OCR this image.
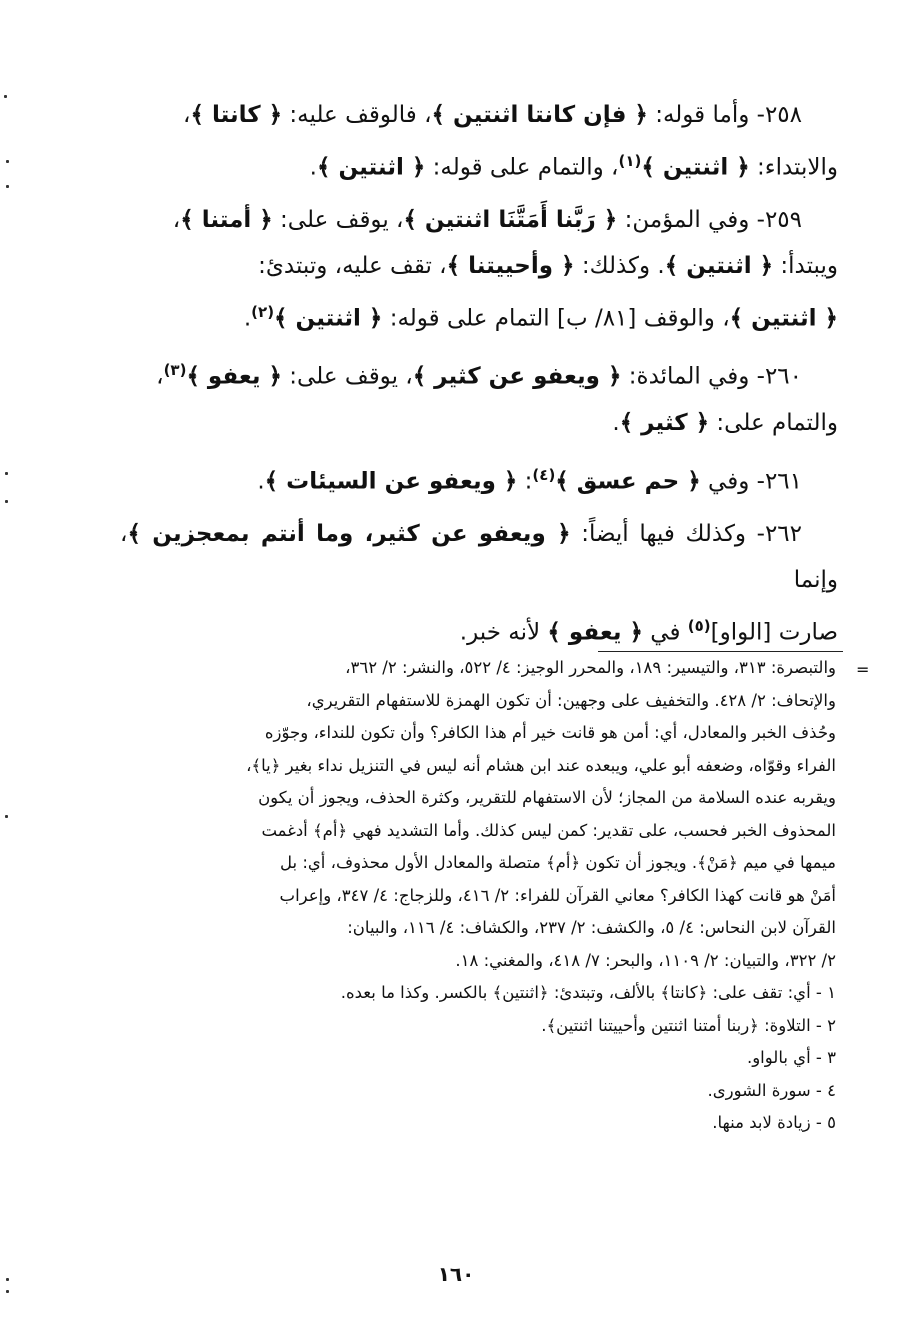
٢٥٨- وأما قوله: ﴿ فإن كانتا اثنتين ﴾، فالوقف عليه: ﴿ كانتا ﴾،
والابتداء: ﴿ اثنتين ﴾$^{(١)}$، والتمام على قوله: ﴿ اثنتين ﴾.
٢٥٩- وفي المؤمن: ﴿ رَبَّنا أَمَتَّنَا اثنتين ﴾، يوقف على: ﴿ أمتنا ﴾،
ويبتدأ: ﴿ اثنتين ﴾. وكذلك: ﴿ وأحييتنا ﴾، تقف عليه، وتبتدئ:
﴿ اثنتين ﴾، والوقف [٨١/ ب] التمام على قوله: ﴿ اثنتين ﴾$^{(٢)}$.
٢٦٠- وفي المائدة: ﴿ ويعفو عن كثير ﴾، يوقف على: ﴿ يعفو ﴾$^{(٣)}$،
والتمام على: ﴿ كثير ﴾.
٢٦١- وفي ﴿ حم عسق ﴾$^{(٤)}$: ﴿ ويعفو عن السيئات ﴾.
٢٦٢- وكذلك فيها أيضاً: ﴿ ويعفو عن كثير، وما أنتم بمعجزين ﴾، وإنما
صارت [الواو]$^{(٥)}$ في ﴿ يعفو ﴾ لأنه خبر.
=

والتبصرة: ٣١٣، والتيسير: ١٨٩، والمحرر الوجيز: ٤/ ٥٢٢، والنشر: ٢/ ٣٦٢،

والإتحاف: ٢/ ٤٢٨. والتخفيف على وجهين: أن تكون الهمزة للاستفهام التقريري،

وحُذف الخبر والمعادل، أي: أمن هو قانت خير أم هذا الكافر؟ وأن تكون للنداء، وجوّزه

الفراء وقوّاه، وضعفه أبو علي، ويبعده عند ابن هشام أنه ليس في التنزيل نداء بغير ﴿يا﴾،

ويقربه عنده السلامة من المجاز؛ لأن الاستفهام للتقرير، وكثرة الحذف، ويجوز أن يكون

المحذوف الخبر فحسب، على تقدير: كمن ليس كذلك. وأما التشديد فهي ﴿أم﴾ أدغمت

ميمها في ميم ﴿مَنْ﴾. ويجوز أن تكون ﴿أم﴾ متصلة والمعادل الأول محذوف، أي: بل

أمَنْ هو قانت كهذا الكافر؟ معاني القرآن للفراء: ٢/ ٤١٦، وللزجاج: ٤/ ٣٤٧، وإعراب

القرآن لابن النحاس: ٤/ ٥، والكشف: ٢/ ٢٣٧، والكشاف: ٤/ ١١٦، والبيان:

٢/ ٣٢٢، والتبيان: ٢/ ١١٠٩، والبحر: ٧/ ٤١٨، والمغني: ١٨.

١ - أي: تقف على: ﴿كانتا﴾ بالألف، وتبتدئ: ﴿اثنتين﴾ بالكسر. وكذا ما بعده.

٢ - التلاوة: ﴿ربنا أمتنا اثنتين وأحييتنا اثنتين﴾.

٣ - أي بالواو.

٤ - سورة الشورى.

٥ - زيادة لابد منها.

١٦٠
